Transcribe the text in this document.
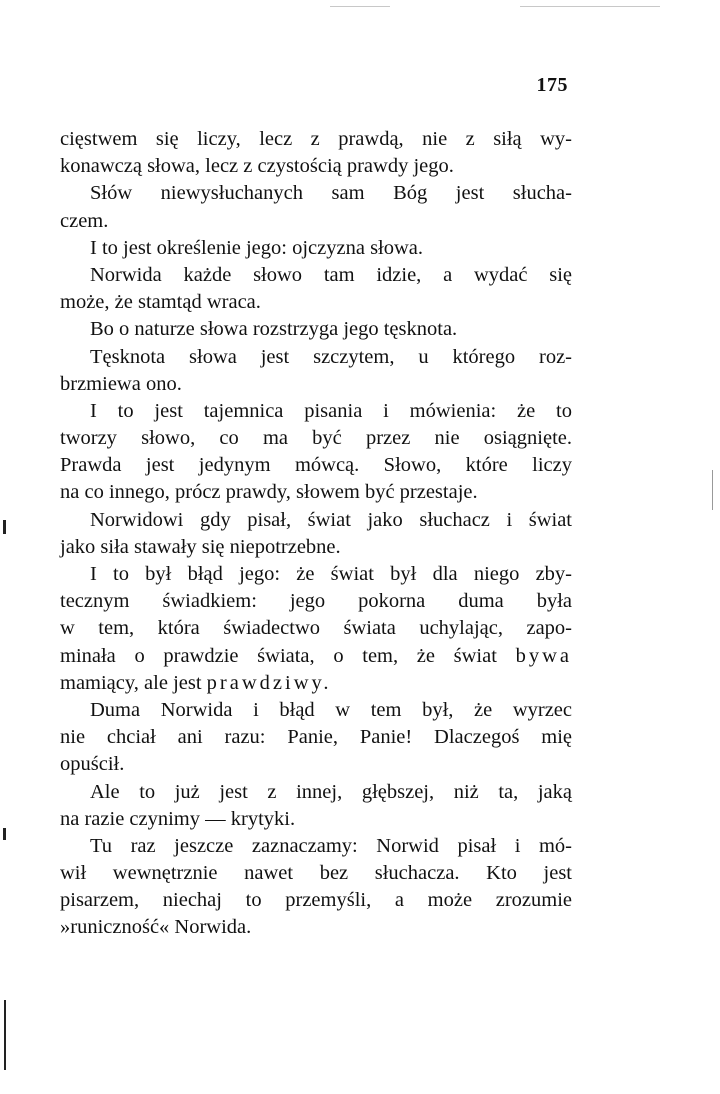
175
cięstwem się liczy, lecz z prawdą, nie z siłą wy-
konawczą słowa, lecz z czystością prawdy jego.
Słów niewysłuchanych sam Bóg jest słucha-
czem.
I to jest określenie jego: ojczyzna słowa.
Norwida każde słowo tam idzie, a wydać się
może, że stamtąd wraca.
Bo o naturze słowa rozstrzyga jego tęsknota.
Tęsknota słowa jest szczytem, u którego roz-
brzmiewa ono.
I to jest tajemnica pisania i mówienia: że to
tworzy słowo, co ma być przez nie osiągnięte.
Prawda jest jedynym mówcą. Słowo, które liczy
na co innego, prócz prawdy, słowem być przestaje.
Norwidowi gdy pisał, świat jako słuchacz i świat
jako siła stawały się niepotrzebne.
I to był błąd jego: że świat był dla niego zby-
tecznym świadkiem: jego pokorna duma była
w tem, która świadectwo świata uchylając, zapo-
minała o prawdzie świata, o tem, że świat bywa
mamiący, ale jest prawdziwy.
Duma Norwida i błąd w tem był, że wyrzec
nie chciał ani razu: Panie, Panie! Dlaczegoś mię
opuścił.
Ale to już jest z innej, głębszej, niż ta, jaką
na razie czynimy — krytyki.
Tu raz jeszcze zaznaczamy: Norwid pisał i mó-
wił wewnętrznie nawet bez słuchacza. Kto jest
pisarzem, niechaj to przemyśli, a może zrozumie
»runiczność« Norwida.
